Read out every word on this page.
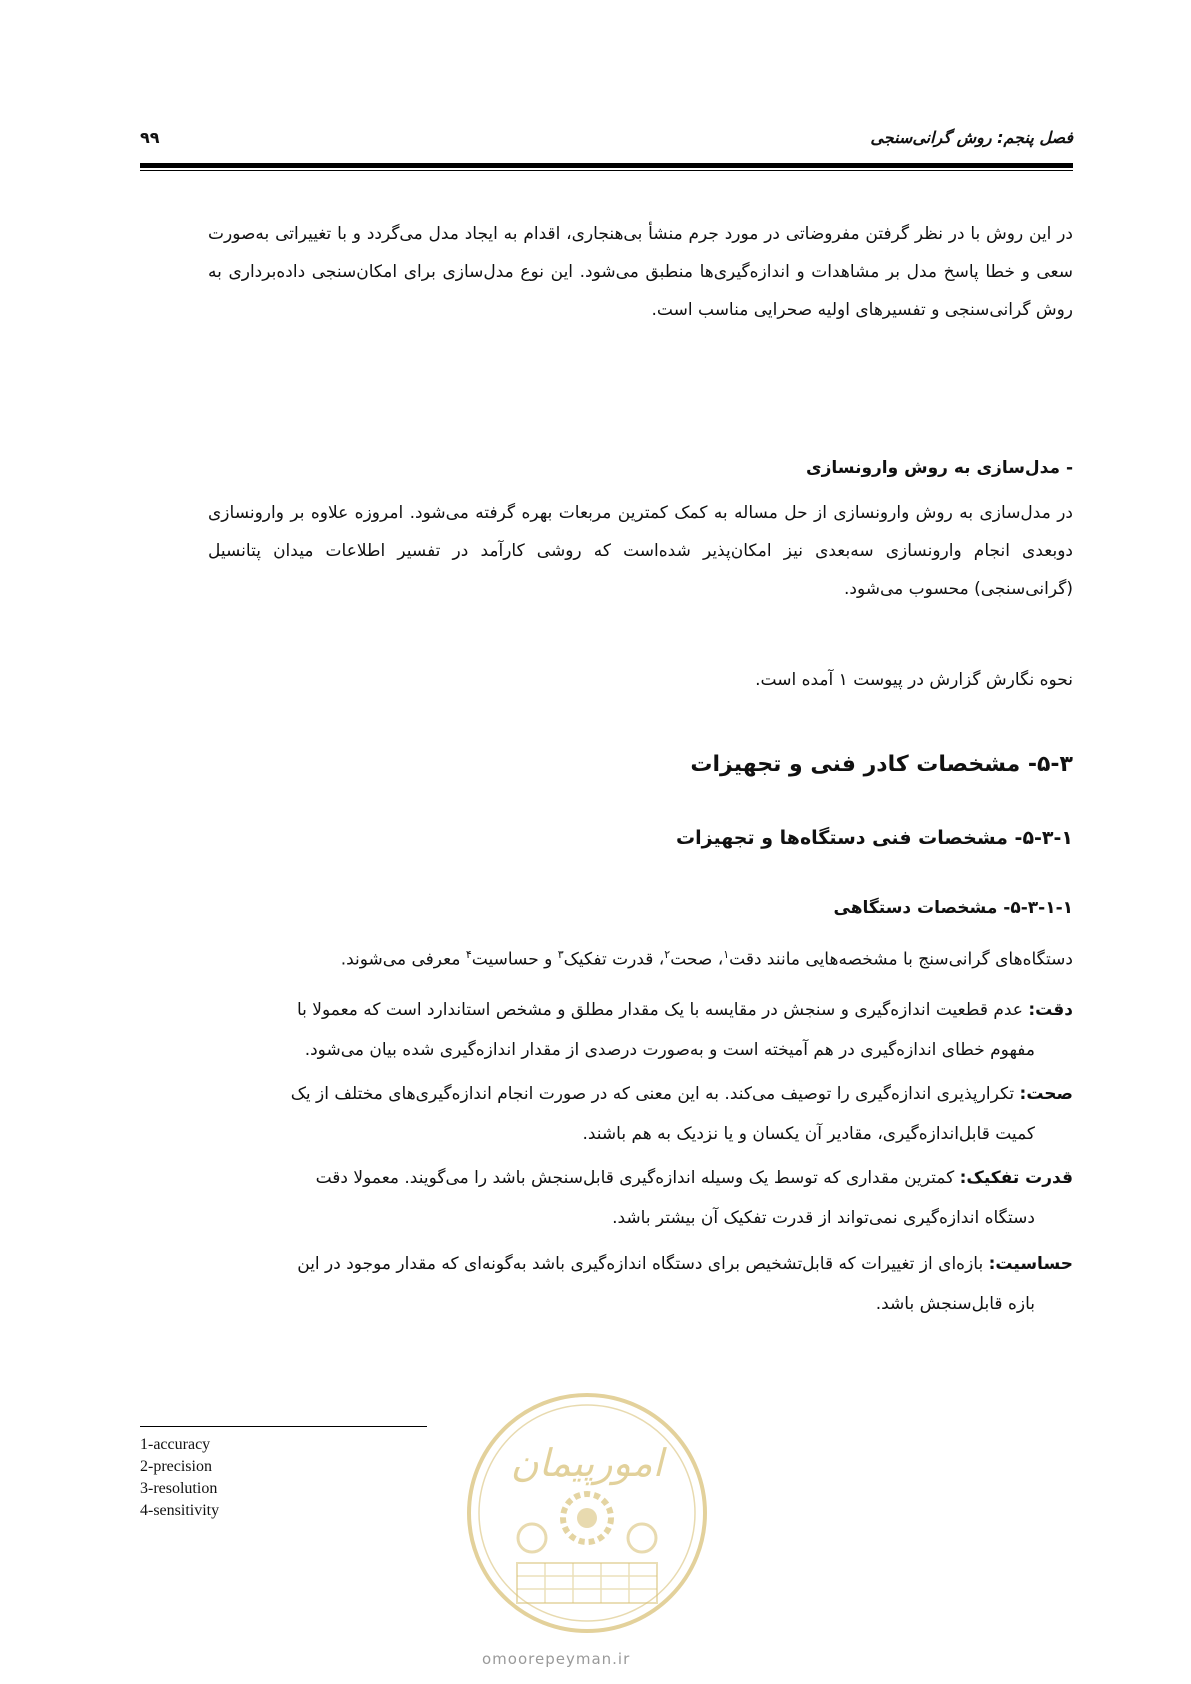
فصل پنجم: روش گرانی‌سنجی
۹۹
در این روش با در نظر گرفتن مفروضاتی در مورد جرم منشأ بی‌هنجاری، اقدام به ایجاد مدل می‌گردد و با تغییراتی به‌صورت سعی و خطا پاسخ مدل بر مشاهدات و اندازه‌گیری‌ها منطبق می‌شود. این نوع مدل‌سازی برای امکان‌سنجی داده‌برداری به روش گرانی‌سنجی و تفسیرهای اولیه صحرایی مناسب است.
- مدل‌سازی به روش وارونسازی
در مدل‌سازی به روش وارونسازی از حل مساله به کمک کمترین مربعات بهره گرفته می‌شود. امروزه علاوه بر وارونسازی دوبعدی انجام وارونسازی سه‌بعدی نیز امکان‌پذیر شده‌است که روشی کارآمد در تفسیر اطلاعات میدان پتانسیل (گرانی‌سنجی) محسوب می‌شود.
نحوه نگارش گزارش در پیوست ۱ آمده است.
۵-۳- مشخصات کادر فنی و تجهیزات
۵-۳-۱- مشخصات فنی دستگاه‌ها و تجهیزات
۵-۳-۱-۱- مشخصات دستگاهی
دستگاه‌های گرانی‌سنج با مشخصه‌هایی مانند دقت$^۱$، صحت$^۲$، قدرت تفکیک$^۳$ و حساسیت$^۴$ معرفی می‌شوند.
دقت: عدم قطعیت اندازه‌گیری و سنجش در مقایسه با یک مقدار مطلق و مشخص استاندارد است که معمولا با
مفهوم خطای اندازه‌گیری در هم آمیخته است و به‌صورت درصدی از مقدار اندازه‌گیری شده بیان می‌شود.
صحت: تکرارپذیری اندازه‌گیری را توصیف می‌کند. به این معنی که در صورت انجام اندازه‌گیری‌های مختلف از یک
کمیت قابل‌اندازه‌گیری، مقادیر آن یکسان و یا نزدیک به هم باشند.
قدرت تفکیک: کمترین مقداری که توسط یک وسیله اندازه‌گیری قابل‌سنجش باشد را می‌گویند. معمولا دقت
دستگاه اندازه‌گیری نمی‌تواند از قدرت تفکیک آن بیشتر باشد.
حساسیت: بازه‌ای از تغییرات که قابل‌تشخیص برای دستگاه اندازه‌گیری باشد به‌گونه‌ای که مقدار موجود در این
بازه قابل‌سنجش باشد.
1-accuracy
2-precision
3-resolution
4-sensitivity
امورپیمان
omoorepeyman.ir
